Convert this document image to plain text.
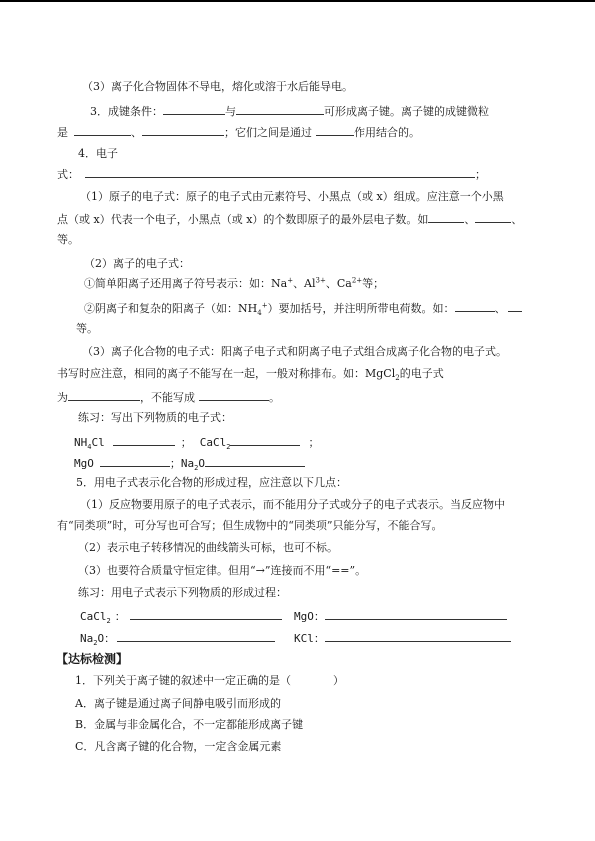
（3）离子化合物固体不导电，熔化或溶于水后能导电。
3．成键条件：	与	可形成离子键。离子键的成键微粒
是	、	；它们之间是通过	作用结合的。
4．电子
式：	；
（1）原子的电子式：原子的电子式由元素符号、小黑点（或 x）组成。应注意一个小黑
点（或 x）代表一个电子，小黑点（或 x）的个数即原子的最外层电子数。如	、	、
等。
（2）离子的电子式：
①简单阳离子还用离子符号表示：如：Na+、$Al^{3+}$、$Ca^{2+}$等；
②阴离子和复杂的阳离子（如：$NH_4^+$）要加括号，并注明所带电荷数。如：	、
等。
（3）离子化合物的电子式：阳离子电子式和阴离子电子式组合成离子化合物的电子式。
书写时应注意，相同的离子不能写在一起，一般对称排布。如：MgCl$_2$的电子式
为	，不能写成	。
练习：写出下列物质的电子式：
$NH_4Cl$	； CaCl$_2$	；
MgO	；$Na_2O$
5．用电子式表示化合物的形成过程，应注意以下几点：
（1）反应物要用原子的电子式表示，而不能用分子式或分子的电子式表示。当反应物中
有“同类项”时，可分写也可合写；但生成物中的“同类项”只能分写，不能合写。
（2）表示电子转移情况的曲线箭头可标，也可不标。
（3）也要符合质量守恒定律。但用“→”连接而不用“==”。
练习：用电子式表示下列物质的形成过程：
CaCl$_2$ ：	MgO：
$Na_2O$：	KCl：
【达标检测】
1．下列关于离子键的叙述中一定正确的是（	）
A．离子键是通过离子间静电吸引而形成的
B．金属与非金属化合，不一定都能形成离子键
C．凡含离子键的化合物，一定含金属元素
